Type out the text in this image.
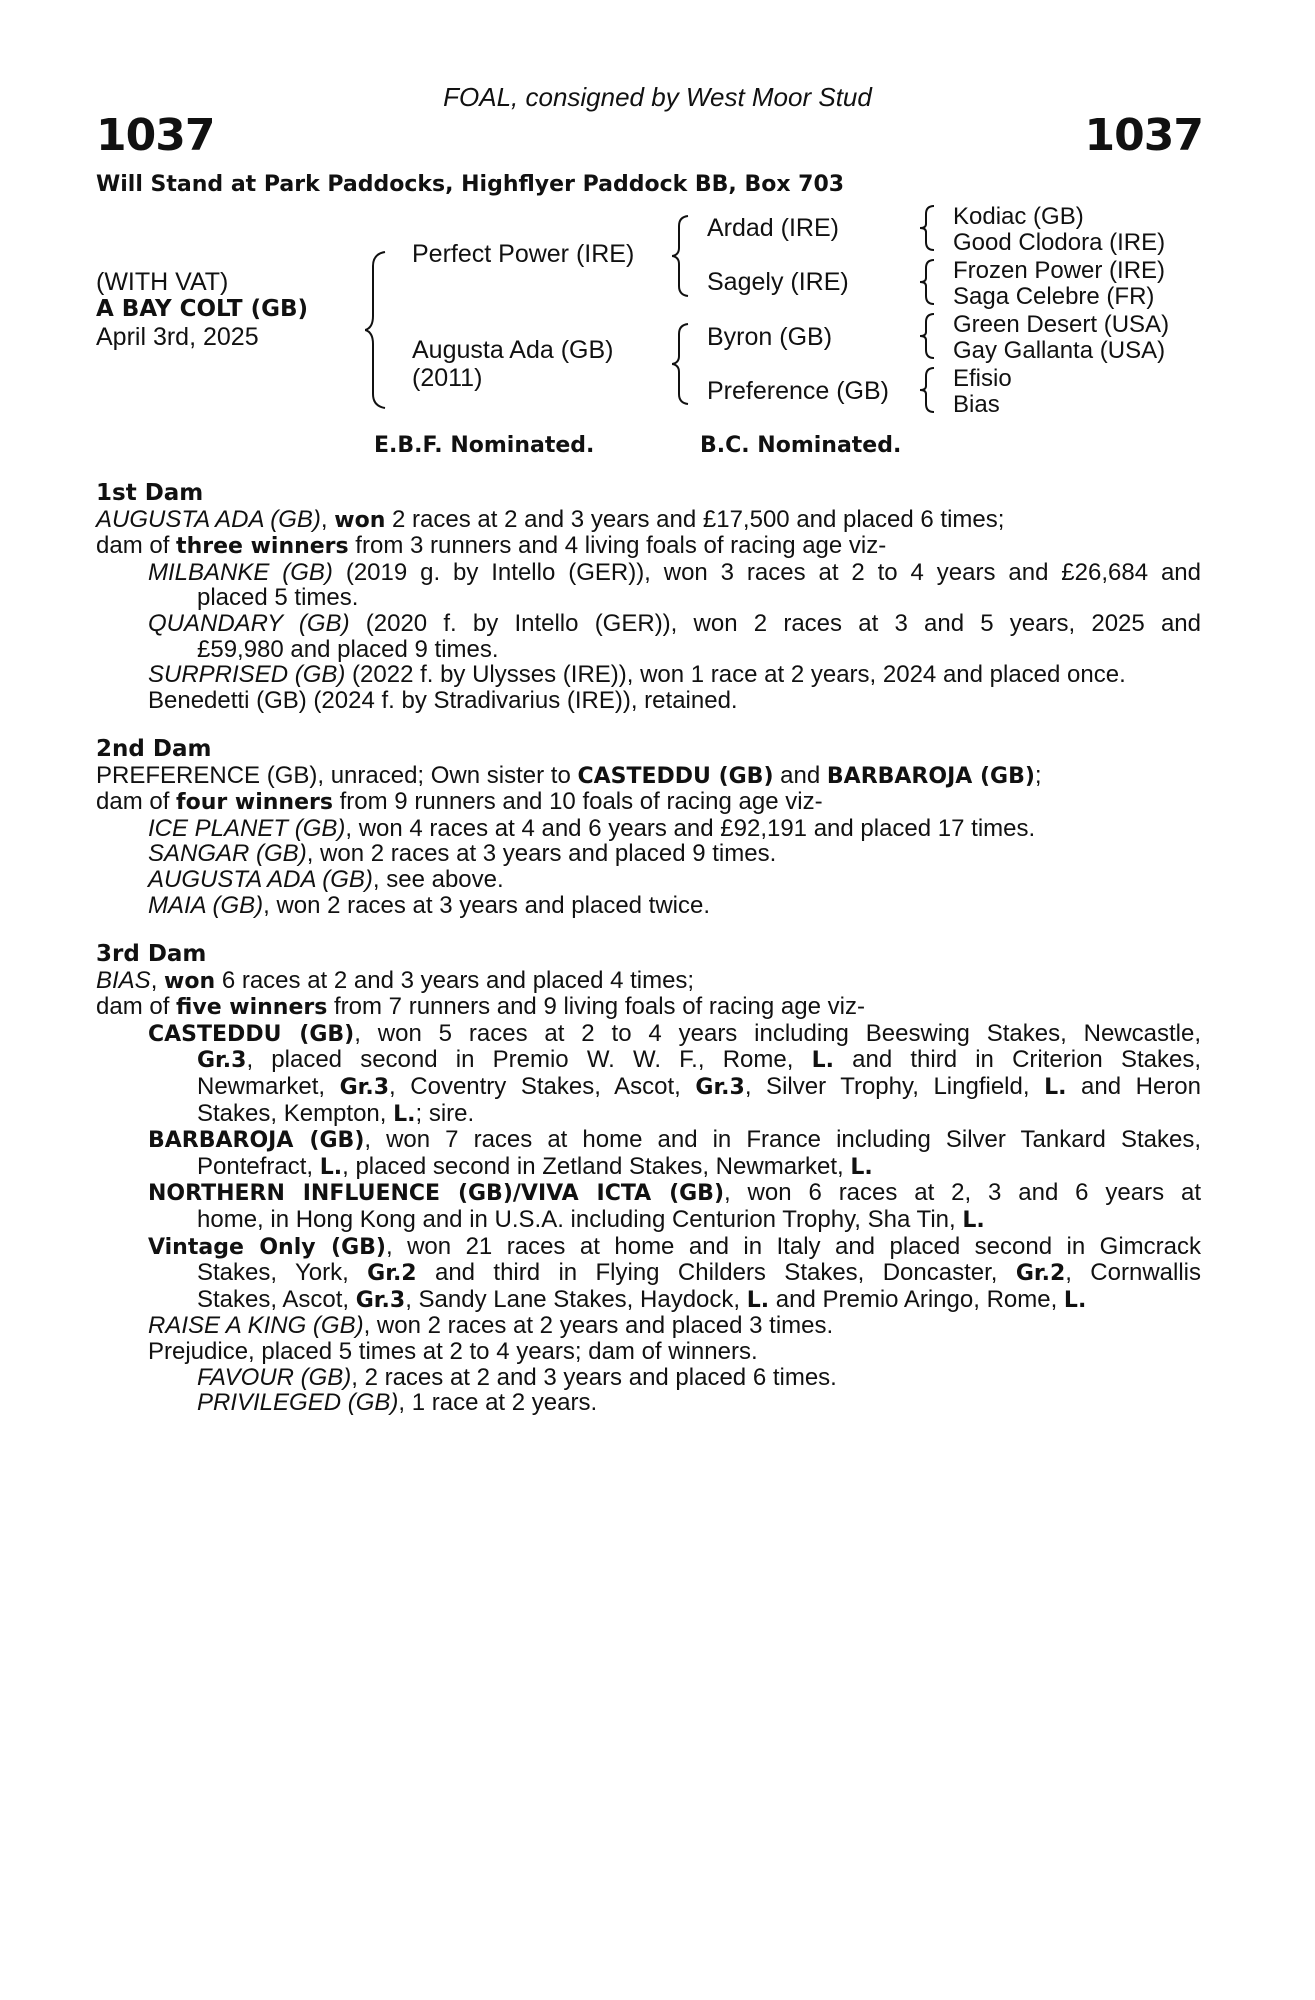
FOAL, consigned by West Moor Stud
1037	1037
Will Stand at Park Paddocks, Highflyer Paddock BB, Box 703
(WITH VAT)
A BAY COLT (GB)
April 3rd, 2025
Perfect Power (IRE)
Augusta Ada (GB)
(2011)
Ardad (IRE)
Sagely (IRE)
Byron (GB)
Preference (GB)
Kodiac (GB)
Good Clodora (IRE)
Frozen Power (IRE)
Saga Celebre (FR)
Green Desert (USA)
Gay Gallanta (USA)
Efisio
Bias
E.B.F. Nominated.	B.C. Nominated.
1st Dam
AUGUSTA ADA (GB), won 2 races at 2 and 3 years and £17,500 and placed 6 times;
dam of three winners from 3 runners and 4 living foals of racing age viz-
MILBANKE (GB) (2019 g. by Intello (GER)), won 3 races at 2 to 4 years and £26,684 and
placed 5 times.
QUANDARY (GB) (2020 f. by Intello (GER)), won 2 races at 3 and 5 years, 2025 and
£59,980 and placed 9 times.
SURPRISED (GB) (2022 f. by Ulysses (IRE)), won 1 race at 2 years, 2024 and placed once.
Benedetti (GB) (2024 f. by Stradivarius (IRE)), retained.
2nd Dam
PREFERENCE (GB), unraced; Own sister to CASTEDDU (GB) and BARBAROJA (GB);
dam of four winners from 9 runners and 10 foals of racing age viz-
ICE PLANET (GB), won 4 races at 4 and 6 years and £92,191 and placed 17 times.
SANGAR (GB), won 2 races at 3 years and placed 9 times.
AUGUSTA ADA (GB), see above.
MAIA (GB), won 2 races at 3 years and placed twice.
3rd Dam
BIAS, won 6 races at 2 and 3 years and placed 4 times;
dam of five winners from 7 runners and 9 living foals of racing age viz-
CASTEDDU (GB), won 5 races at 2 to 4 years including Beeswing Stakes, Newcastle,
Gr.3, placed second in Premio W. W. F., Rome, L. and third in Criterion Stakes,
Newmarket, Gr.3, Coventry Stakes, Ascot, Gr.3, Silver Trophy, Lingfield, L. and Heron
Stakes, Kempton, L.; sire.
BARBAROJA (GB), won 7 races at home and in France including Silver Tankard Stakes,
Pontefract, L., placed second in Zetland Stakes, Newmarket, L.
NORTHERN INFLUENCE (GB)/VIVA ICTA (GB), won 6 races at 2, 3 and 6 years at
home, in Hong Kong and in U.S.A. including Centurion Trophy, Sha Tin, L.
Vintage Only (GB), won 21 races at home and in Italy and placed second in Gimcrack
Stakes, York, Gr.2 and third in Flying Childers Stakes, Doncaster, Gr.2, Cornwallis
Stakes, Ascot, Gr.3, Sandy Lane Stakes, Haydock, L. and Premio Aringo, Rome, L.
RAISE A KING (GB), won 2 races at 2 years and placed 3 times.
Prejudice, placed 5 times at 2 to 4 years; dam of winners.
FAVOUR (GB), 2 races at 2 and 3 years and placed 6 times.
PRIVILEGED (GB), 1 race at 2 years.
